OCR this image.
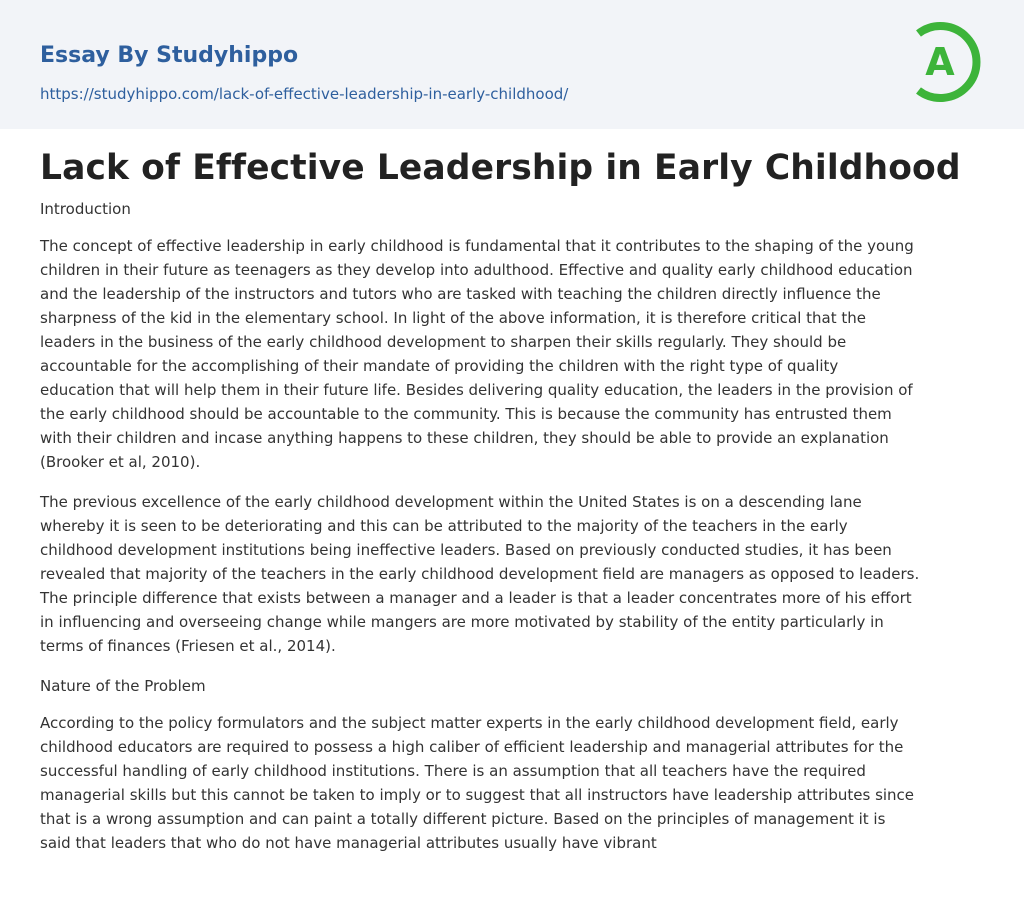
Essay By Studyhippo
https://studyhippo.com/lack-of-effective-leadership-in-early-childhood/
A
Lack of Effective Leadership in Early Childhood

Introduction

The concept of effective leadership in early childhood is fundamental that it contributes to the shaping of the young
children in their future as teenagers as they develop into adulthood. Effective and quality early childhood education
and the leadership of the instructors and tutors who are tasked with teaching the children directly influence the
sharpness of the kid in the elementary school. In light of the above information, it is therefore critical that the
leaders in the business of the early childhood development to sharpen their skills regularly. They should be
accountable for the accomplishing of their mandate of providing the children with the right type of quality
education that will help them in their future life. Besides delivering quality education, the leaders in the provision of
the early childhood should be accountable to the community. This is because the community has entrusted them
with their children and incase anything happens to these children, they should be able to provide an explanation
(Brooker et al, 2010).

The previous excellence of the early childhood development within the United States is on a descending lane
whereby it is seen to be deteriorating and this can be attributed to the majority of the teachers in the early
childhood development institutions being ineffective leaders. Based on previously conducted studies, it has been
revealed that majority of the teachers in the early childhood development field are managers as opposed to leaders.
The principle difference that exists between a manager and a leader is that a leader concentrates more of his effort
in influencing and overseeing change while mangers are more motivated by stability of the entity particularly in
terms of finances (Friesen et al., 2014).

Nature of the Problem

According to the policy formulators and the subject matter experts in the early childhood development field, early
childhood educators are required to possess a high caliber of efficient leadership and managerial attributes for the
successful handling of early childhood institutions. There is an assumption that all teachers have the required
managerial skills but this cannot be taken to imply or to suggest that all instructors have leadership attributes since
that is a wrong assumption and can paint a totally different picture. Based on the principles of management it is
said that leaders that who do not have managerial attributes usually have vibrant
